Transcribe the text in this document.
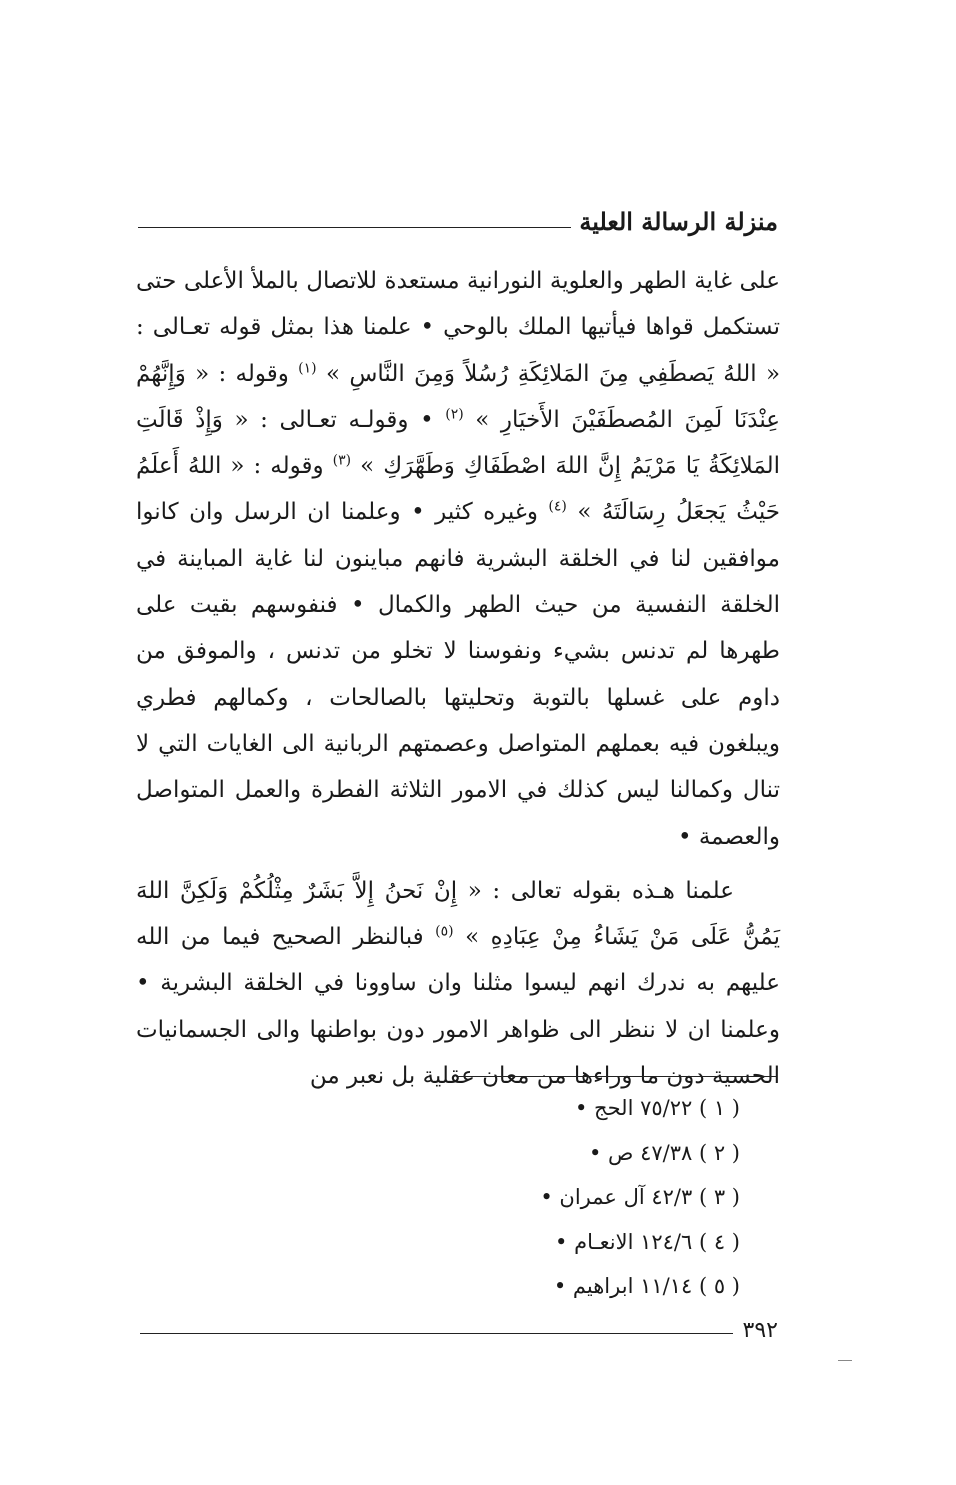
منزلة الرسالة العلية

على غاية الطهر والعلوية النورانية مستعدة للاتصال بالملأ الأعلى حتى تستكمل قواها فيأتيها الملك بالوحي • علمنا هذا بمثل قوله تعـالى : « اللهُ يَصطَفِي مِنَ المَلائِكَةِ رُسُلاً وَمِنَ النَّاسِ » $^{(١)}$ وقوله : « وَإِنَّهُمْ عِنْدَنَا لَمِنَ المُصطَفَيْنَ الأَخيَارِ » $^{(٢)}$ • وقولـه تعـالى : « وَإِذْ قَالَتِ المَلائِكَةُ يَا مَرْيَمُ إِنَّ اللهَ اصْطَفَاكِ وَطَهَّرَكِ » $^{(٣)}$ وقوله : « اللهُ أَعلَمُ حَيْثُ يَجعَلُ رِسَالَتَهُ » $^{(٤)}$ وغيره كثير • وعلمنا ان الرسل وان كانوا موافقين لنا في الخلقة البشرية فانهم مباينون لنا غاية المباينة في الخلقة النفسية من حيث الطهر والكمال • فنفوسهم بقيت على طهرها لم تدنس بشيء ونفوسنا لا تخلو من تدنس ، والموفق من داوم على غسلها بالتوبة وتحليتها بالصالحات ، وكمالهم فطري ويبلغون فيه بعملهم المتواصل وعصمتهم الربانية الى الغايات التي لا تنال وكمالنا ليس كذلك في الامور الثلاثة الفطرة والعمل المتواصل والعصمة •

علمنا هـذه بقوله تعالى : « إِنْ نَحنُ إِلاَّ بَشَرٌ مِثْلُكُمْ وَلَكِنَّ اللهَ يَمُنُّ عَلَى مَنْ يَشَاءُ مِنْ عِبَادِهِ » $^{(٥)}$ فبالنظر الصحيح فيما من الله عليهم به ندرك انهم ليسوا مثلنا وان ساوونا في الخلقة البشرية • وعلمنا ان لا ننظر الى ظواهر الامور دون بواطنها والى الجسمانيات الحسية دون ما وراءها من معان عقلية بل نعبر من

( ١ ) ٧٥/٢٢ الحج •
( ٢ ) ٤٧/٣٨ ص •
( ٣ ) ٤٢/٣ آل عمران •
( ٤ ) ١٢٤/٦ الانعـام •
( ٥ ) ١١/١٤ ابراهيم •
٣٩٢
